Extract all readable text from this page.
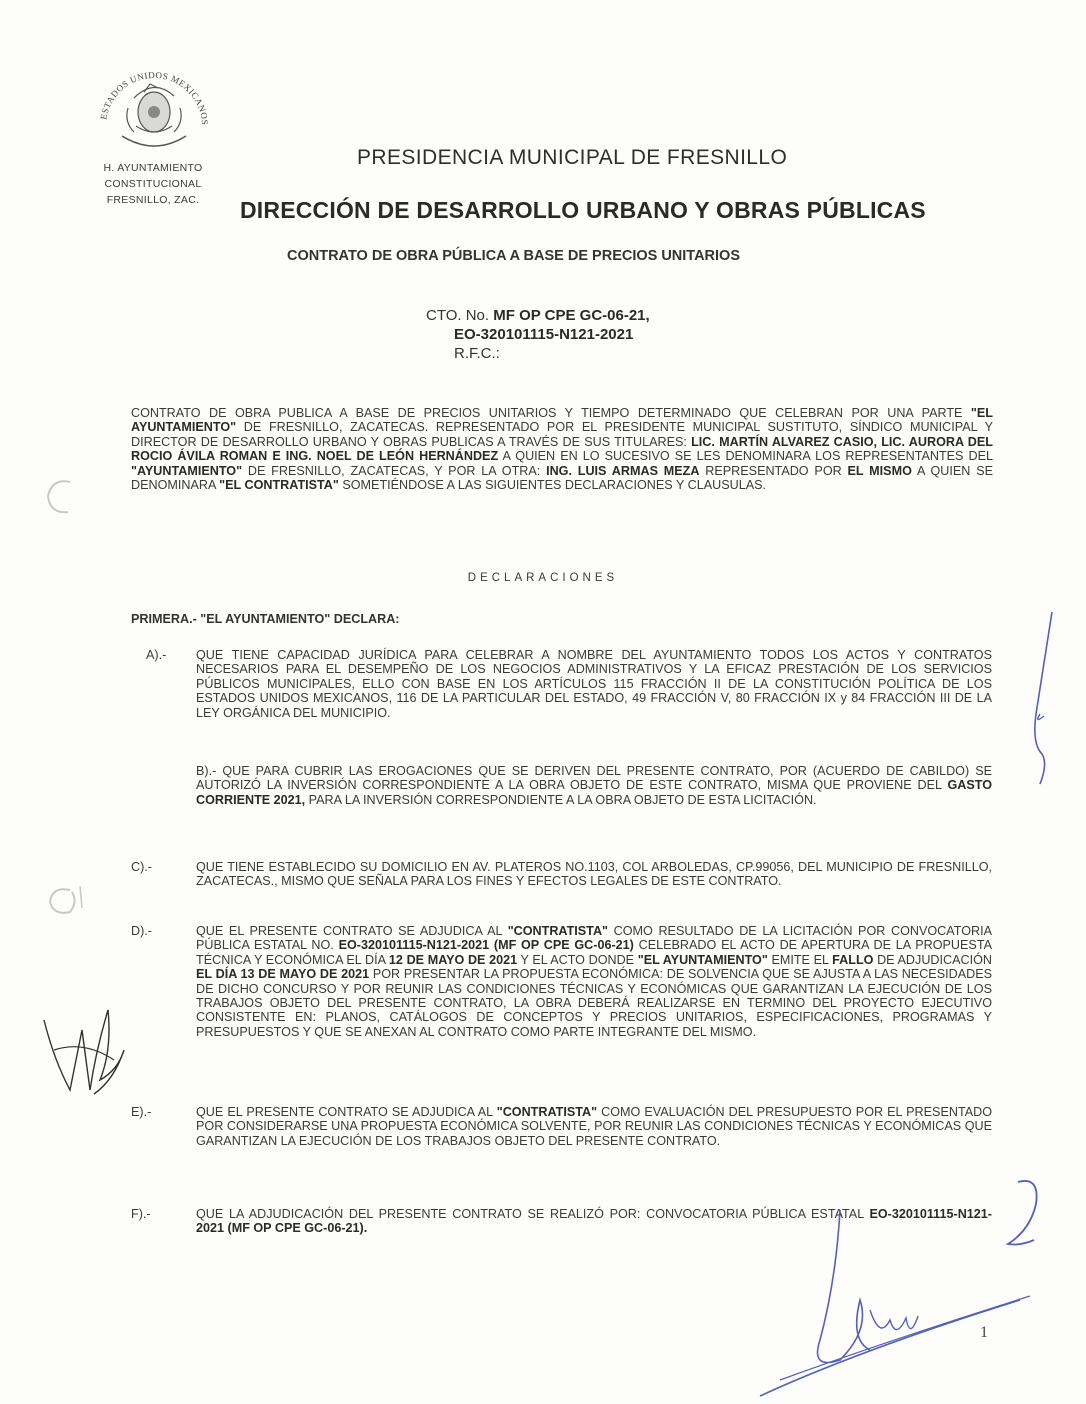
ESTADOS UNIDOS MEXICANOS
H. AYUNTAMIENTO
CONSTITUCIONAL
FRESNILLO, ZAC.
PRESIDENCIA MUNICIPAL DE FRESNILLO
DIRECCIÓN DE DESARROLLO URBANO Y OBRAS PÚBLICAS
CONTRATO DE OBRA PÚBLICA A BASE DE PRECIOS UNITARIOS
CTO. No. MF OP CPE GC-06-21,
EO-320101115-N121-2021
R.F.C.:
CONTRATO DE OBRA PUBLICA A BASE DE PRECIOS UNITARIOS Y TIEMPO DETERMINADO QUE CELEBRAN POR UNA PARTE "EL AYUNTAMIENTO" DE FRESNILLO, ZACATECAS. REPRESENTADO POR EL PRESIDENTE MUNICIPAL SUSTITUTO, SÍNDICO MUNICIPAL Y DIRECTOR DE DESARROLLO URBANO Y OBRAS PUBLICAS A TRAVÉS DE SUS TITULARES: LIC. MARTÍN ALVAREZ CASIO, LIC. AURORA DEL ROCIO ÁVILA ROMAN E ING. NOEL DE LEÓN HERNÁNDEZ A QUIEN EN LO SUCESIVO SE LES DENOMINARA LOS REPRESENTANTES DEL "AYUNTAMIENTO" DE FRESNILLO, ZACATECAS, Y POR LA OTRA: ING. LUIS ARMAS MEZA REPRESENTADO POR EL MISMO A QUIEN SE DENOMINARA "EL CONTRATISTA" SOMETIÉNDOSE A LAS SIGUIENTES DECLARACIONES Y CLAUSULAS.
DECLARACIONES
PRIMERA.- "EL AYUNTAMIENTO" DECLARA:
A).- QUE TIENE CAPACIDAD JURÍDICA PARA CELEBRAR A NOMBRE DEL AYUNTAMIENTO TODOS LOS ACTOS Y CONTRATOS NECESARIOS PARA EL DESEMPEÑO DE LOS NEGOCIOS ADMINISTRATIVOS Y LA EFICAZ PRESTACIÓN DE LOS SERVICIOS PÚBLICOS MUNICIPALES, ELLO CON BASE EN LOS ARTÍCULOS 115 FRACCIÓN II DE LA CONSTITUCIÓN POLÍTICA DE LOS ESTADOS UNIDOS MEXICANOS, 116 DE LA PARTICULAR DEL ESTADO, 49 FRACCIÓN V, 80 FRACCIÓN IX y 84 FRACCIÓN III DE LA LEY ORGÁNICA DEL MUNICIPIO.
B).- QUE PARA CUBRIR LAS EROGACIONES QUE SE DERIVEN DEL PRESENTE CONTRATO, POR (ACUERDO DE CABILDO) SE AUTORIZÓ LA INVERSIÓN CORRESPONDIENTE A LA OBRA OBJETO DE ESTE CONTRATO, MISMA QUE PROVIENE DEL GASTO CORRIENTE 2021, PARA LA INVERSIÓN CORRESPONDIENTE A LA OBRA OBJETO DE ESTA LICITACIÓN.
C).-	QUE TIENE ESTABLECIDO SU DOMICILIO EN AV. PLATEROS NO.1103, COL ARBOLEDAS, CP.99056, DEL MUNICIPIO DE FRESNILLO, ZACATECAS., MISMO QUE SEÑALA PARA LOS FINES Y EFECTOS LEGALES DE ESTE CONTRATO.
D).-	QUE EL PRESENTE CONTRATO SE ADJUDICA AL "CONTRATISTA" COMO RESULTADO DE LA LICITACIÓN POR CONVOCATORIA PÚBLICA ESTATAL NO. EO-320101115-N121-2021 (MF OP CPE GC-06-21) CELEBRADO EL ACTO DE APERTURA DE LA PROPUESTA TÉCNICA Y ECONÓMICA EL DÍA 12 DE MAYO DE 2021 Y EL ACTO DONDE "EL AYUNTAMIENTO" EMITE EL FALLO DE ADJUDICACIÓN EL DÍA 13 DE MAYO DE 2021 POR PRESENTAR LA PROPUESTA ECONÓMICA: DE SOLVENCIA QUE SE AJUSTA A LAS NECESIDADES DE DICHO CONCURSO Y POR REUNIR LAS CONDICIONES TÉCNICAS Y ECONÓMICAS QUE GARANTIZAN LA EJECUCIÓN DE LOS TRABAJOS OBJETO DEL PRESENTE CONTRATO, LA OBRA DEBERÁ REALIZARSE EN TERMINO DEL PROYECTO EJECUTIVO CONSISTENTE EN: PLANOS, CATÁLOGOS DE CONCEPTOS Y PRECIOS UNITARIOS, ESPECIFICACIONES, PROGRAMAS Y PRESUPUESTOS Y QUE SE ANEXAN AL CONTRATO COMO PARTE INTEGRANTE DEL MISMO.
E).-	QUE EL PRESENTE CONTRATO SE ADJUDICA AL "CONTRATISTA" COMO EVALUACIÓN DEL PRESUPUESTO POR EL PRESENTADO POR CONSIDERARSE UNA PROPUESTA ECONÓMICA SOLVENTE, POR REUNIR LAS CONDICIONES TÉCNICAS Y ECONÓMICAS QUE GARANTIZAN LA EJECUCIÓN DE LOS TRABAJOS OBJETO DEL PRESENTE CONTRATO.
F).-	QUE LA ADJUDICACIÓN DEL PRESENTE CONTRATO SE REALIZÓ POR: CONVOCATORIA PÚBLICA ESTATAL EO-320101115-N121-2021 (MF OP CPE GC-06-21).
1
